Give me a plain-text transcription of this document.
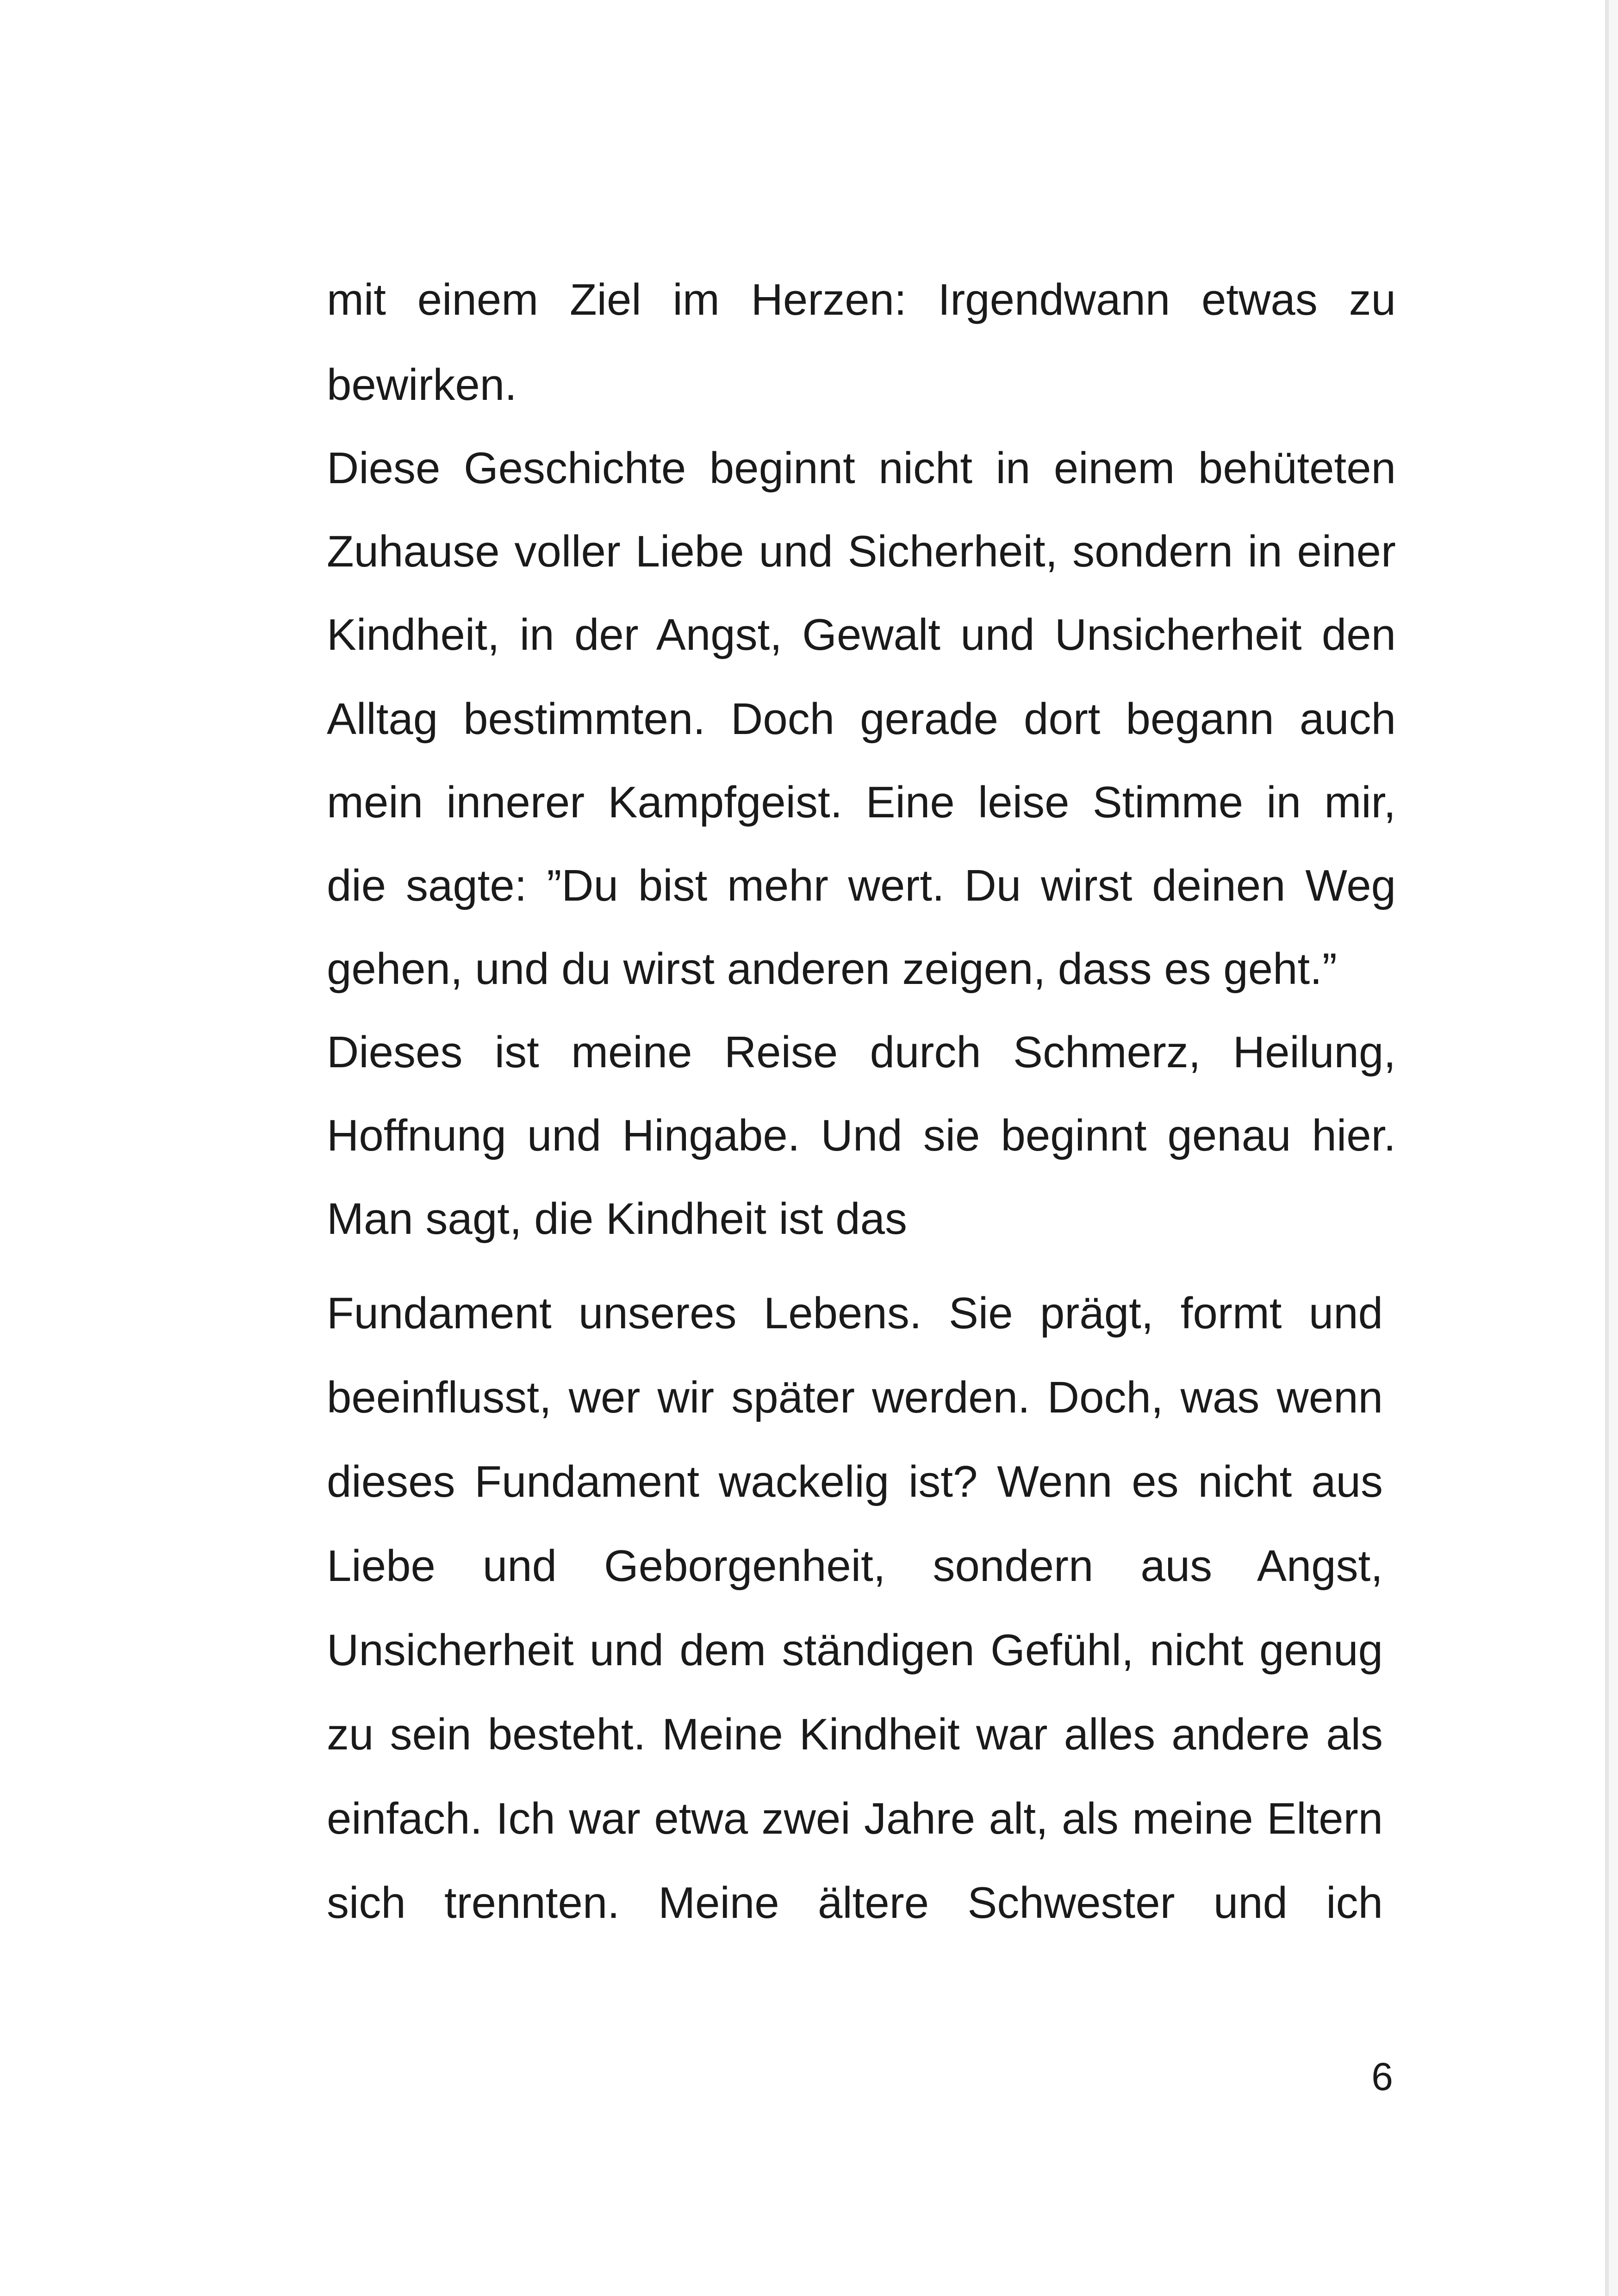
mit einem Ziel im Herzen: Irgendwann etwas zu

bewirken.

Diese Geschichte beginnt nicht in einem behüteten

Zuhause voller Liebe und Sicherheit, sondern in einer

Kindheit, in der Angst, Gewalt und Unsicherheit den

Alltag bestimmten. Doch gerade dort begann auch

mein innerer Kampfgeist. Eine leise Stimme in mir,

die sagte: ”Du bist mehr wert. Du wirst deinen Weg

gehen, und du wirst anderen zeigen, dass es geht.”

Dieses ist meine Reise durch Schmerz, Heilung,

Hoffnung und Hingabe. Und sie beginnt genau hier.

Man sagt, die Kindheit ist das

Fundament unseres Lebens. Sie prägt, formt und

beeinflusst, wer wir später werden. Doch, was wenn

dieses Fundament wackelig ist? Wenn es nicht aus

Liebe und Geborgenheit, sondern aus Angst,

Unsicherheit und dem ständigen Gefühl, nicht genug

zu sein besteht. Meine Kindheit war alles andere als

einfach. Ich war etwa zwei Jahre alt, als meine Eltern

sich trennten. Meine ältere Schwester und ich

6
